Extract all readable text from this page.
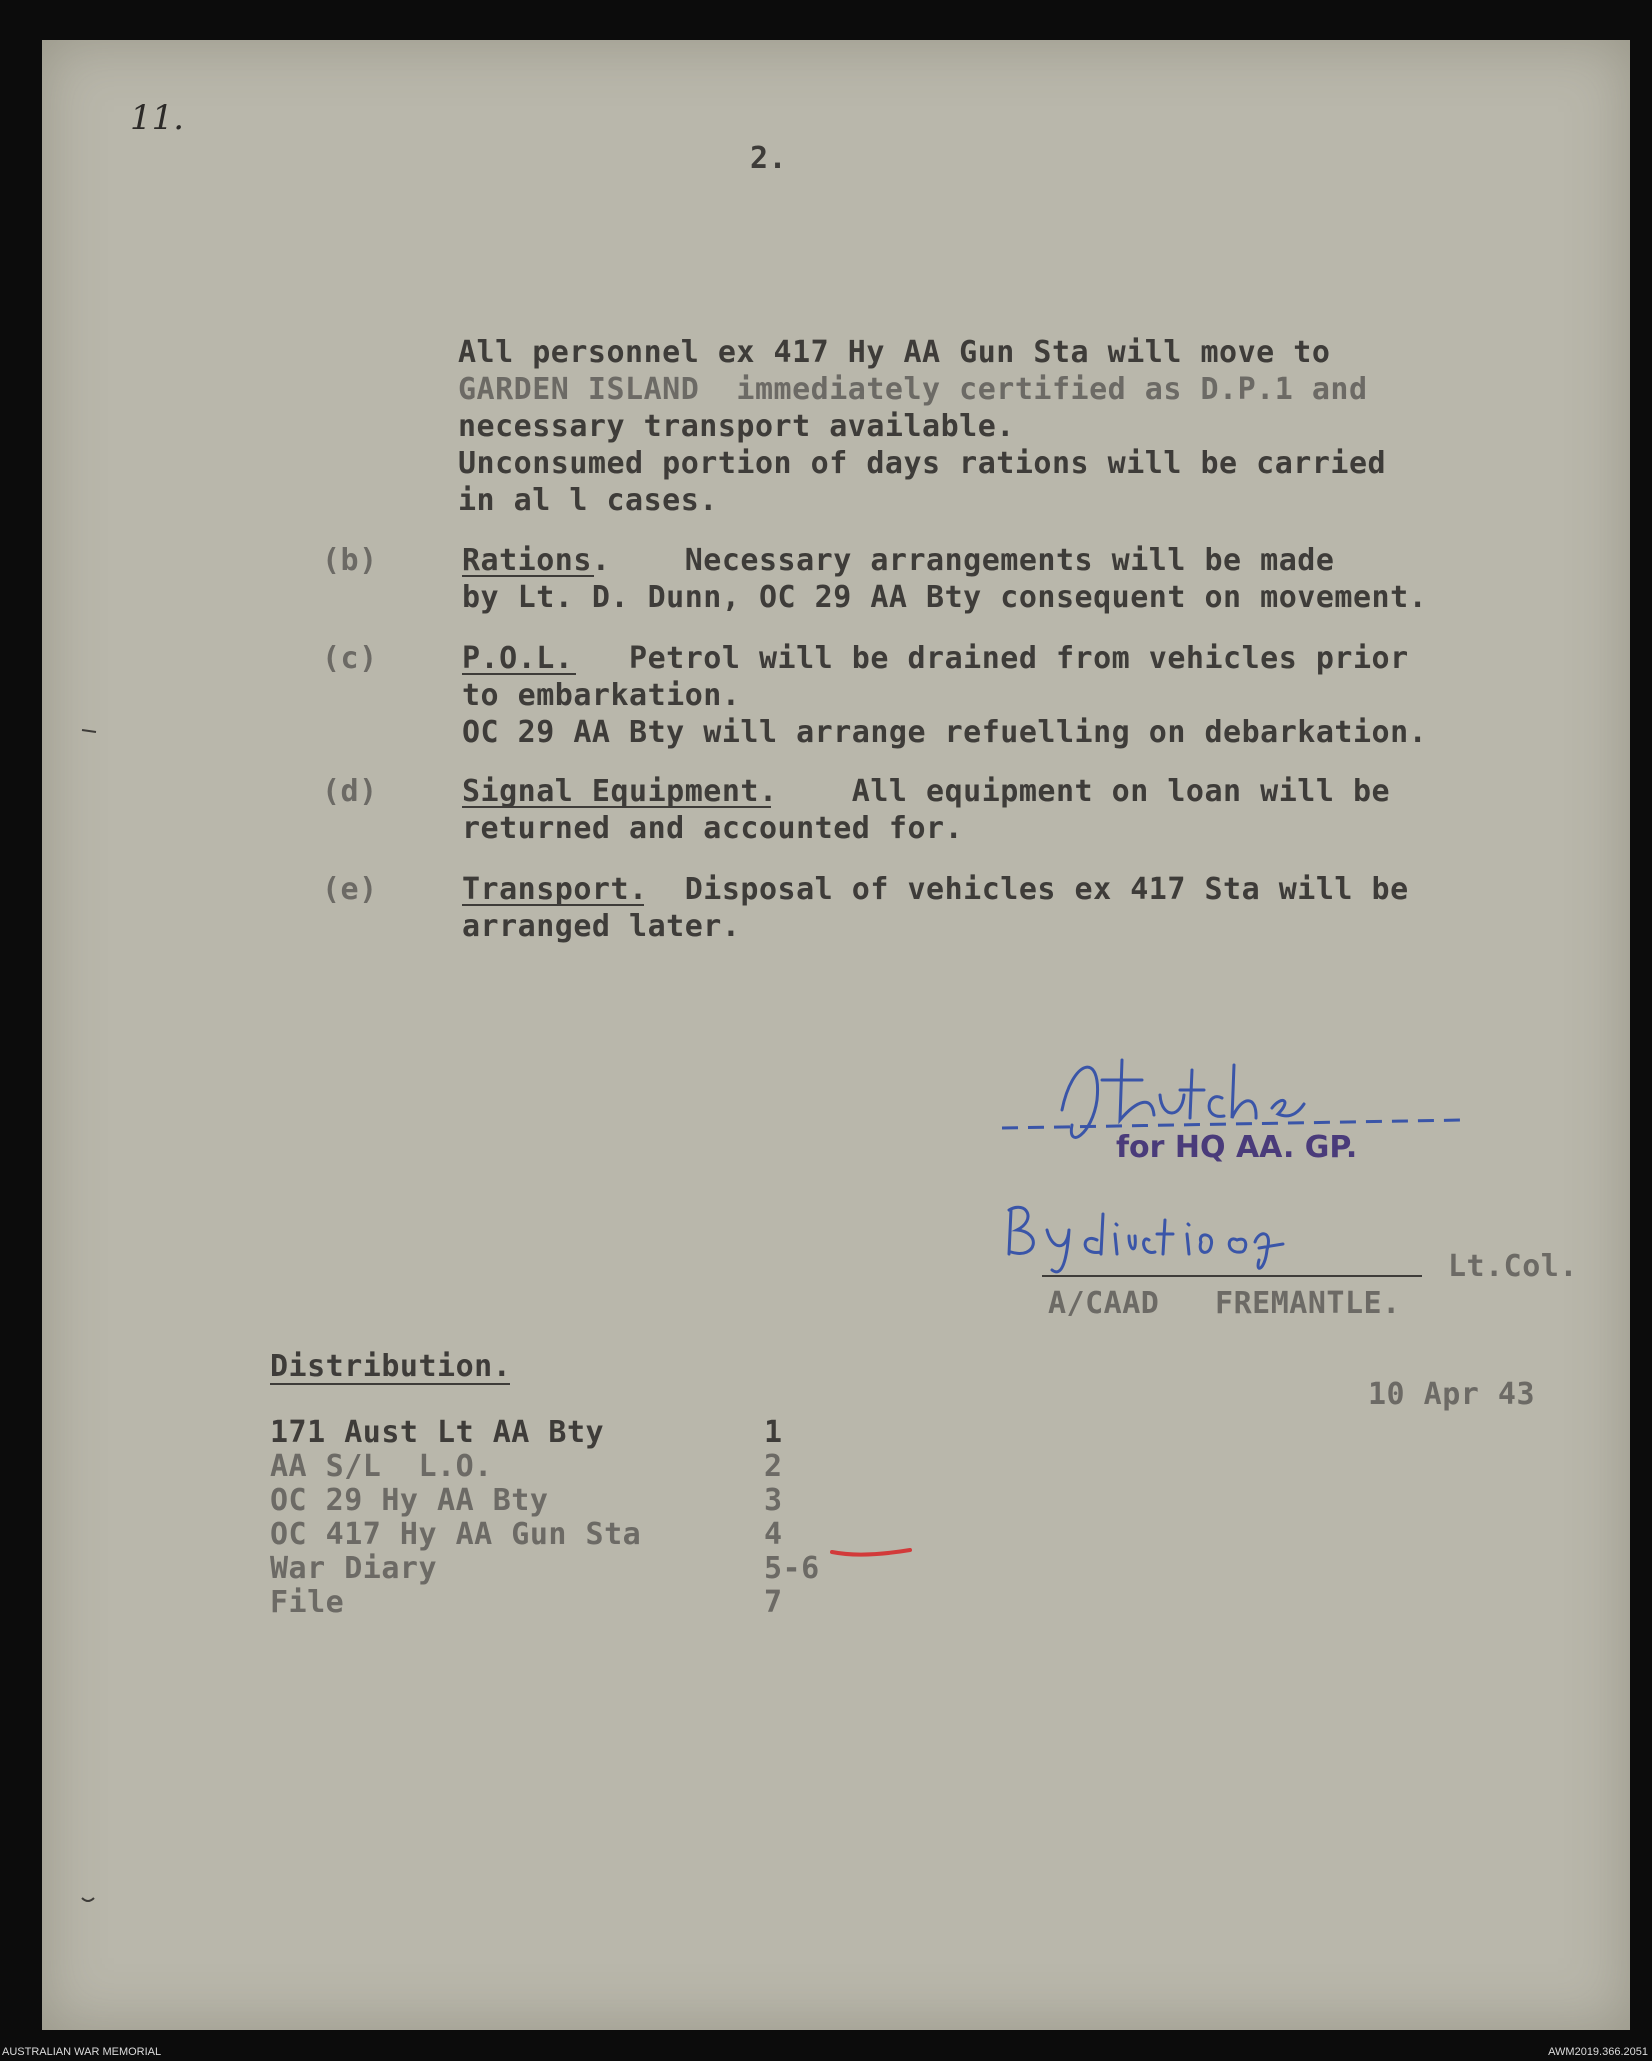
11.
2.
All personnel ex 417 Hy AA Gun Sta will move to
GARDEN ISLAND  immediately certified as D.P.1 and
necessary transport available.
Unconsumed portion of days rations will be carried
in al l cases.
(b)	Rations.    Necessary arrangements will be made
by Lt. D. Dunn, OC 29 AA Bty consequent on movement.
(c)	P.O.L.   Petrol will be drained from vehicles prior
to embarkation.
OC 29 AA Bty will arrange refuelling on debarkation.
(d)	Signal Equipment.    All equipment on loan will be
returned and accounted for.
(e)	Transport.  Disposal of vehicles ex 417 Sta will be
arranged later.
for HQ AA. GP.
Lt.Col.
A/CAAD   FREMANTLE.
10 Apr 43
Distribution.
171 Aust Lt AA Bty	1
AA S/L  L.O.	2
OC 29 Hy AA Bty	3
OC 417 Hy AA Gun Sta	4
War Diary	5-6
File	7
AUSTRALIAN WAR MEMORIAL	AWM2019.366.2051
